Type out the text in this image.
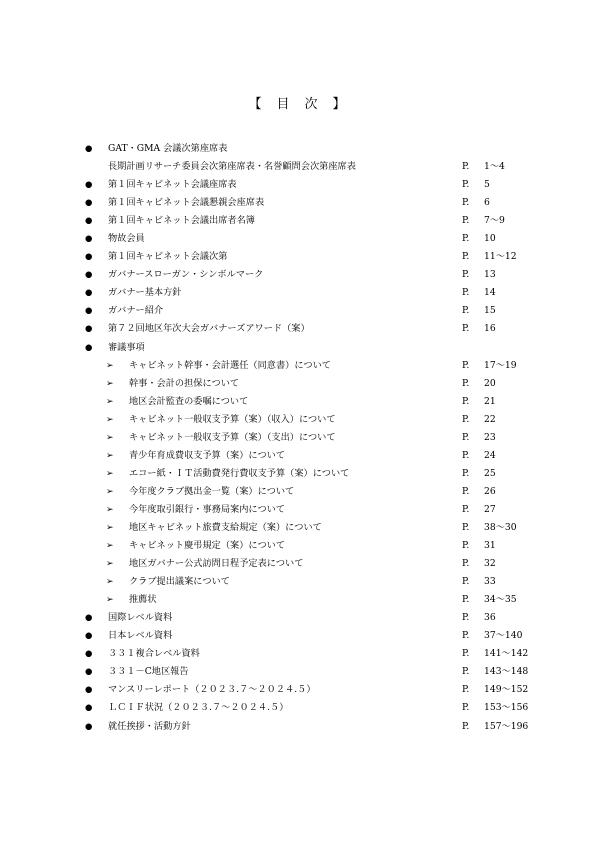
【　目　次　】
● GAT・GMA 会議次第座席表
長期計画リサーチ委員会次第座席表・名誉顧問会次第座席表	P. 1～4
● 第１回キャビネット会議座席表	P. 5
● 第１回キャビネット会議懇親会座席表	P. 6
● 第１回キャビネット会議出席者名簿	P. 7～9
● 物故会員	P. 10
● 第１回キャビネット会議次第	P. 11～12
● ガバナースローガン・シンボルマーク	P. 13
● ガバナー基本方針	P. 14
● ガバナー紹介	P. 15
● 第７２回地区年次大会ガバナーズアワード（案）	P. 16
● 審議事項
➢ キャビネット幹事・会計選任（同意書）について	P. 17～19
➢ 幹事・会計の担保について	P. 20
➢ 地区会計監査の委嘱について	P. 21
➢ キャビネット一般収支予算（案）（収入）について	P. 22
➢ キャビネット一般収支予算（案）（支出）について	P. 23
➢ 青少年育成費収支予算（案）について	P. 24
➢ エコー紙・ＩＴ活動費発行費収支予算（案）について	P. 25
➢ 今年度クラブ拠出金一覧（案）について	P. 26
➢ 今年度取引銀行・事務局案内について	P. 27
➢ 地区キャビネット旅費支給規定（案）について	P. 38～30
➢ キャビネット慶弔規定（案）について	P. 31
➢ 地区ガバナー公式訪問日程予定表について	P. 32
➢ クラブ提出議案について	P. 33
➢ 推薦状	P. 34～35
● 国際レベル資料	P. 36
● 日本レベル資料	P. 37～140
● ３３１複合レベル資料	P. 141～142
● ３３１－C地区報告	P. 143～148
● マンスリーレポート（２０２３.７～２０２４.５）	P. 149～152
● ＬＣＩＦ状況（２０２３.７～２０２４.５）	P. 153～156
● 就任挨拶・活動方針	P. 157～196
